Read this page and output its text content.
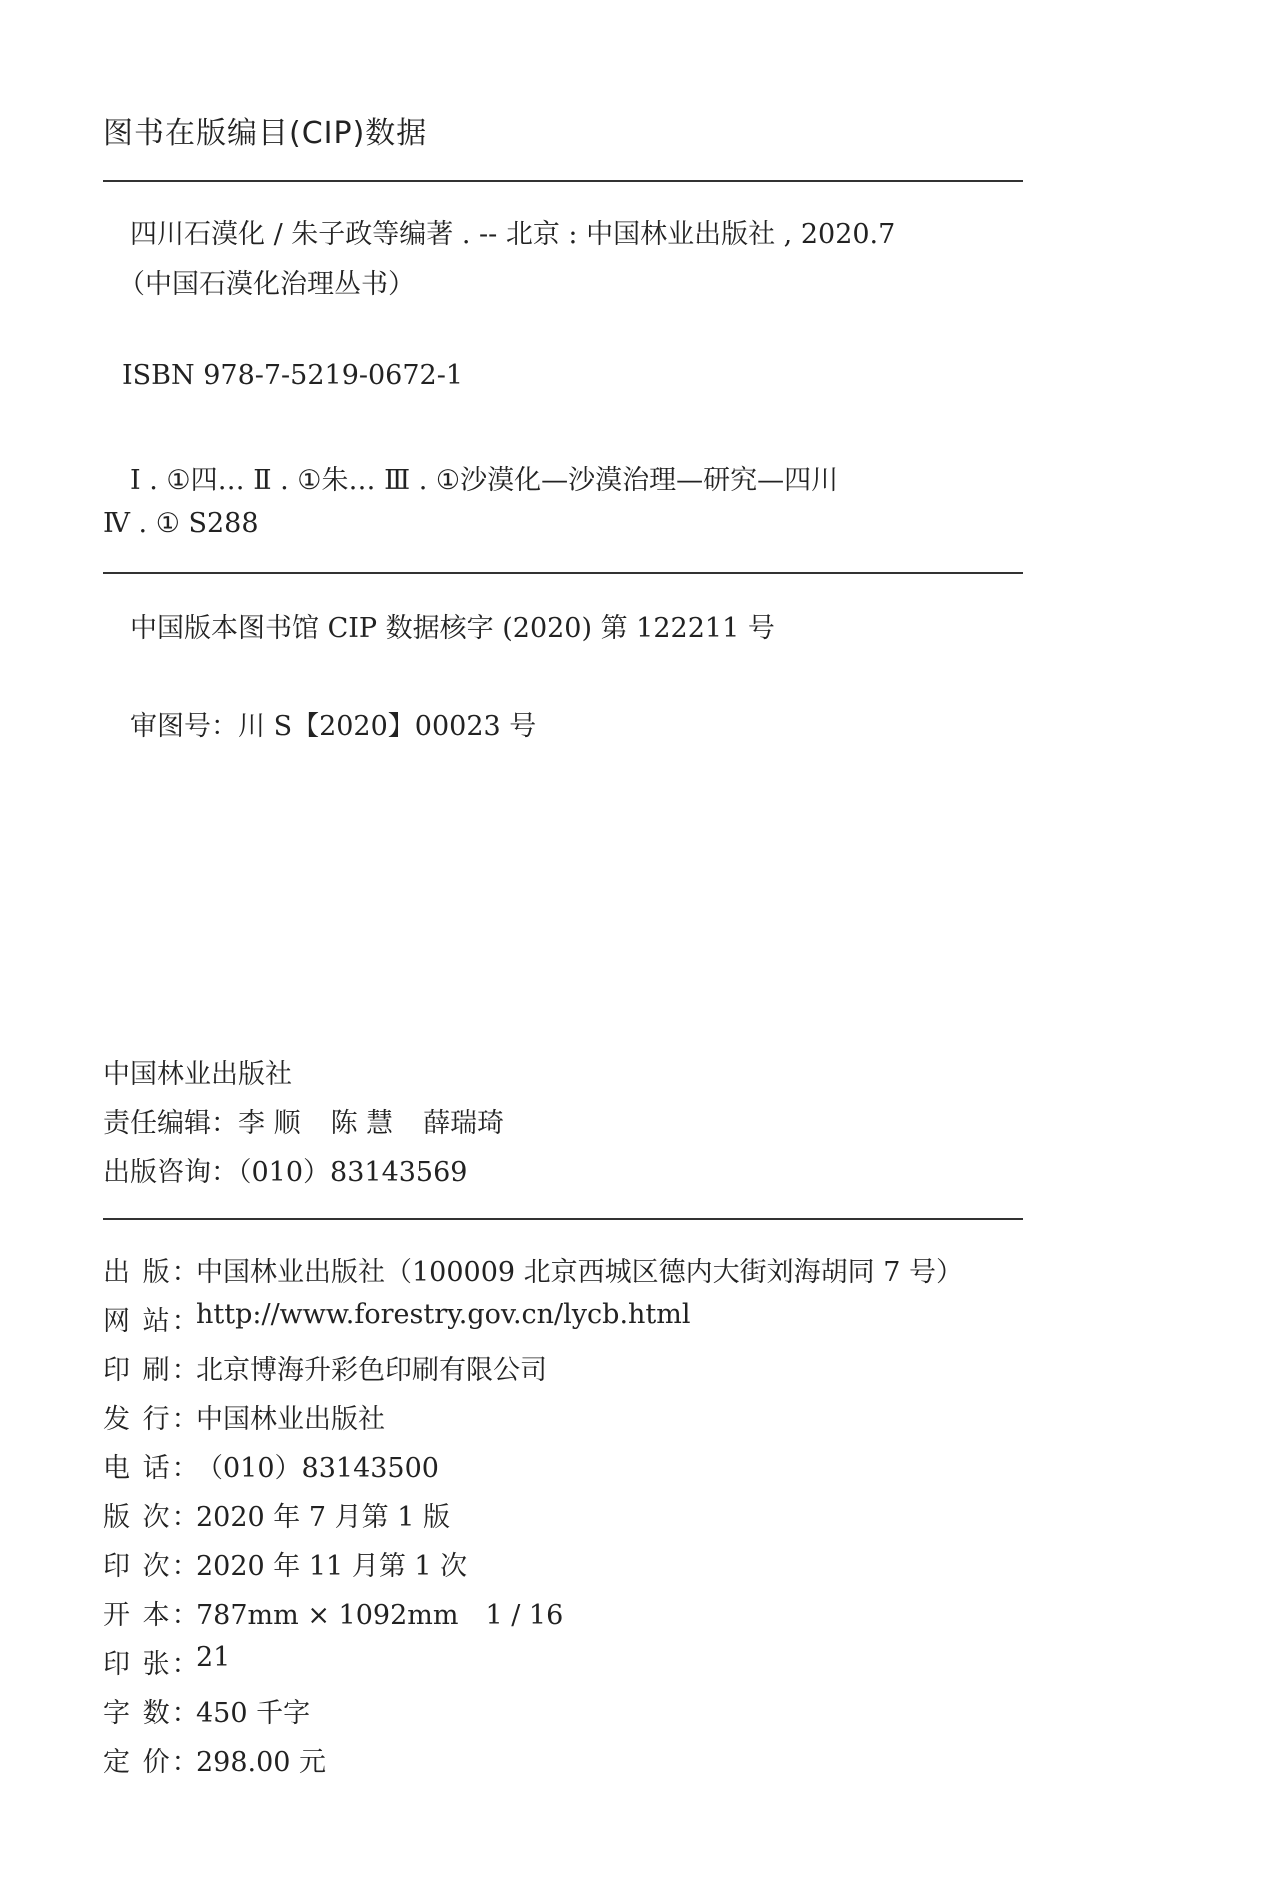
图书在版编目(CIP)数据
四川石漠化 / 朱子政等编著 . -- 北京 : 中国林业出版社 , 2020.7
（中国石漠化治理丛书）
ISBN 978-7-5219-0672-1
Ⅰ . ①四… Ⅱ . ①朱… Ⅲ . ①沙漠化—沙漠治理—研究—四川
Ⅳ . ① S288
中国版本图书馆 CIP 数据核字 (2020) 第 122211 号
审图号：川 S【2020】00023 号
中国林业出版社
责任编辑：李 顺 陈 慧 薛瑞琦
出版咨询：（010）83143569
出 版：
中国林业出版社（100009 北京西城区德内大街刘海胡同 7 号）
网 站：
http://www.forestry.gov.cn/lycb.html
印 刷：
北京博海升彩色印刷有限公司
发 行：
中国林业出版社
电 话：
（010）83143500
版 次：
2020 年 7 月第 1 版
印 次：
2020 年 11 月第 1 次
开 本：
787mm × 1092mm　1 / 16
印 张：
21
字 数：
450 千字
定 价：
298.00 元
